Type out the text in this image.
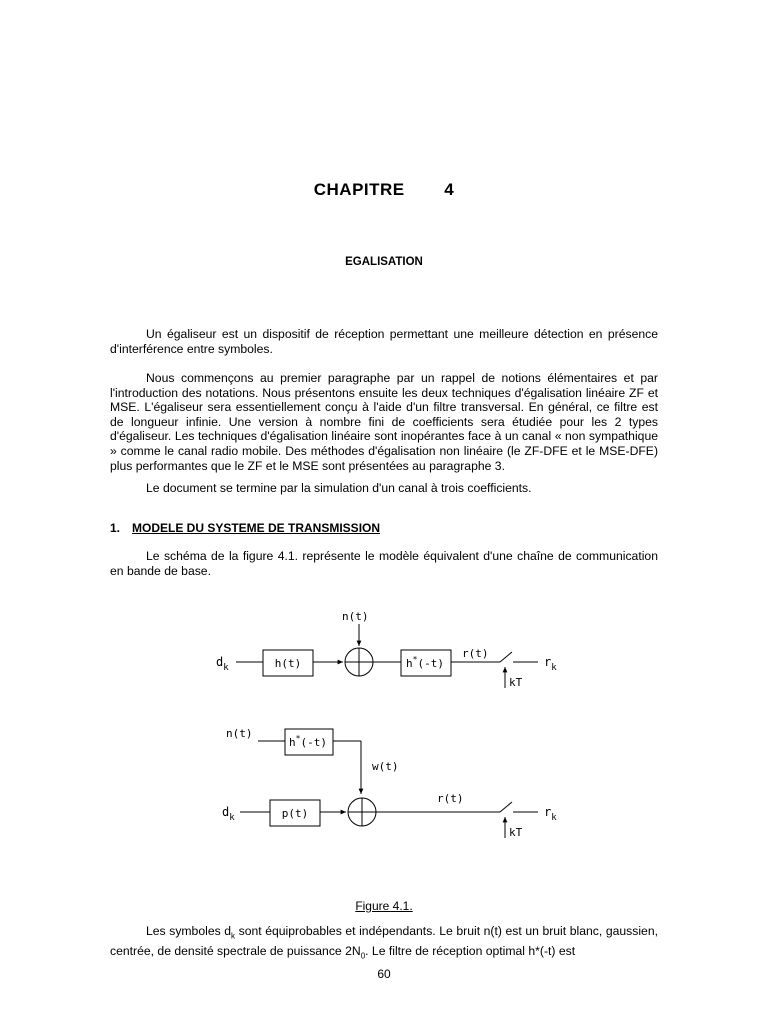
CHAPITRE   4
EGALISATION

Un égaliseur est un dispositif de réception permettant une meilleure détection en présence d'interférence entre symboles.

Nous commençons au premier paragraphe par un rappel de notions élémentaires et par l'introduction des notations. Nous présentons ensuite les deux techniques d'égalisation linéaire ZF et MSE. L'égaliseur sera essentiellement conçu à l'aide d'un filtre transversal. En général, ce filtre est de longueur infinie. Une version à nombre fini de coefficients sera étudiée pour les 2 types d'égaliseur. Les techniques d'égalisation linéaire sont inopérantes face à un canal « non sympathique » comme le canal radio mobile. Des méthodes d'égalisation non linéaire (le ZF-DFE et le MSE-DFE) plus performantes que le ZF et le MSE sont présentées au paragraphe 3.

Le document se termine par la simulation d'un canal à trois coefficients.

1. MODELE DU SYSTEME DE TRANSMISSION

Le schéma de la figure 4.1. représente le modèle équivalent d'une chaîne de communication en bande de base.

$d_k$
n(t)
h(t)	h*(-t)
r(t)
kT
$r_k$
n(t)
h*(-t)
w(t)
$d_k$	p(t)
r(t)
kT
$r_k$
Figure 4.1.

Les symboles $d_k$ sont équiprobables et indépendants. Le bruit n(t) est un bruit blanc, gaussien, centrée, de densité spectrale de puissance $2N_0$. Le filtre de réception optimal h*(-t) est

60
